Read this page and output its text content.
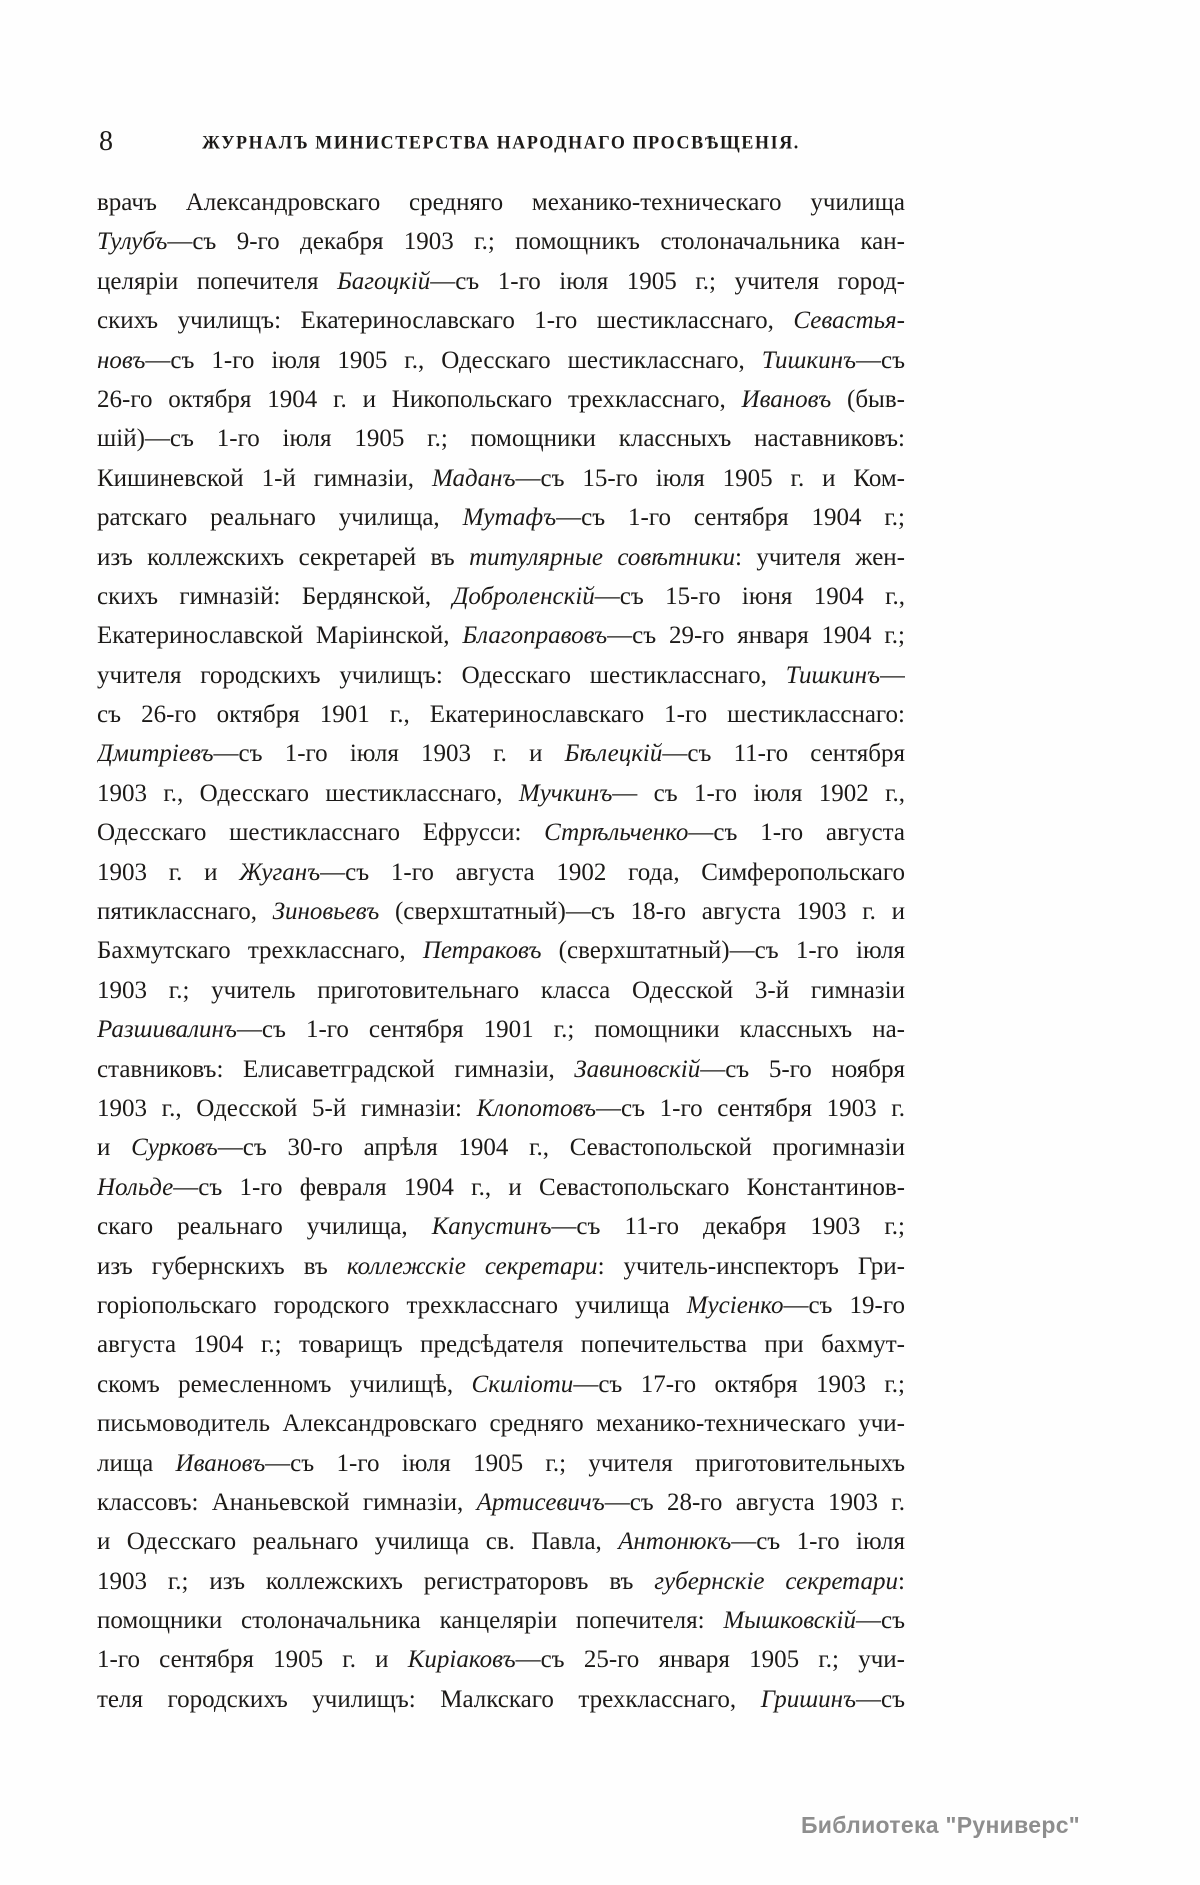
8	ЖУРНАЛЪ МИНИСТЕРСТВА НАРОДНАГО ПРОСВѢЩЕНІЯ.
врачъ Александровскаго средняго механико-техническаго училища
Тулубъ—съ 9-го декабря 1903 г.; помощникъ столоначальника кан-
целяріи попечителя Багоцкій—съ 1-го іюля 1905 г.; учителя город-
скихъ училищъ: Екатеринославскаго 1-го шестикласснаго, Севастья-
новъ—съ 1-го іюля 1905 г., Одесскаго шестикласснаго, Тишкинъ—съ
26-го октября 1904 г. и Никопольскаго трехкласснаго, Ивановъ (быв-
шій)—съ 1-го іюля 1905 г.; помощники классныхъ наставниковъ:
Кишиневской 1-й гимназіи, Маданъ—съ 15-го іюля 1905 г. и Ком-
ратскаго реальнаго училища, Мутафъ—съ 1-го сентября 1904 г.;
изъ коллежскихъ секретарей въ титулярные совѣтники: учителя жен-
скихъ гимназій: Бердянской, Доброленскій—съ 15-го іюня 1904 г.,
Екатеринославской Маріинской, Благоправовъ—съ 29-го января 1904 г.;
учителя городскихъ училищъ: Одесскаго шестикласснаго, Тишкинъ—
съ 26-го октября 1901 г., Екатеринославскаго 1-го шестикласснаго:
Дмитріевъ—съ 1-го іюля 1903 г. и Бѣлецкій—съ 11-го сентября
1903 г., Одесскаго шестикласснаго, Мучкинъ— съ 1-го іюля 1902 г.,
Одесскаго шестикласснаго Ефрусси: Стрѣльченко—съ 1-го августа
1903 г. и Жуганъ—съ 1-го августа 1902 года, Симферопольскаго
пятикласснаго, Зиновьевъ (сверхштатный)—съ 18-го августа 1903 г. и
Бахмутскаго трехкласснаго, Петраковъ (сверхштатный)—съ 1-го іюля
1903 г.; учитель приготовительнаго класса Одесской 3-й гимназіи
Разшивалинъ—съ 1-го сентября 1901 г.; помощники классныхъ на-
ставниковъ: Елисаветградской гимназіи, Завиновскій—съ 5-го ноября
1903 г., Одесской 5-й гимназіи: Клопотовъ—съ 1-го сентября 1903 г.
и Сурковъ—съ 30-го апрѣля 1904 г., Севастопольской прогимназіи
Нольде—съ 1-го февраля 1904 г., и Севастопольскаго Константинов-
скаго реальнаго училища, Капустинъ—съ 11-го декабря 1903 г.;
изъ губернскихъ въ коллежскіе секретари: учитель-инспекторъ Гри-
горіопольскаго городского трехкласснаго училища Мусіенко—съ 19-го
августа 1904 г.; товарищъ предсѣдателя попечительства при бахмут-
скомъ ремесленномъ училищѣ, Скиліоти—съ 17-го октября 1903 г.;
письмоводитель Александровскаго средняго механико-техническаго учи-
лища Ивановъ—съ 1-го іюля 1905 г.; учителя приготовительныхъ
классовъ: Ананьевской гимназіи, Артисевичъ—съ 28-го августа 1903 г.
и Одесскаго реальнаго училища св. Павла, Антонюкъ—съ 1-го іюля
1903 г.; изъ коллежскихъ регистраторовъ въ губернскіе секретари:
помощники столоначальника канцеляріи попечителя: Мышковскій—съ
1-го сентября 1905 г. и Киріаковъ—съ 25-го января 1905 г.; учи-
теля городскихъ училищъ: Малкскаго трехкласснаго, Гришинъ—съ
Библиотека "Руниверс"
